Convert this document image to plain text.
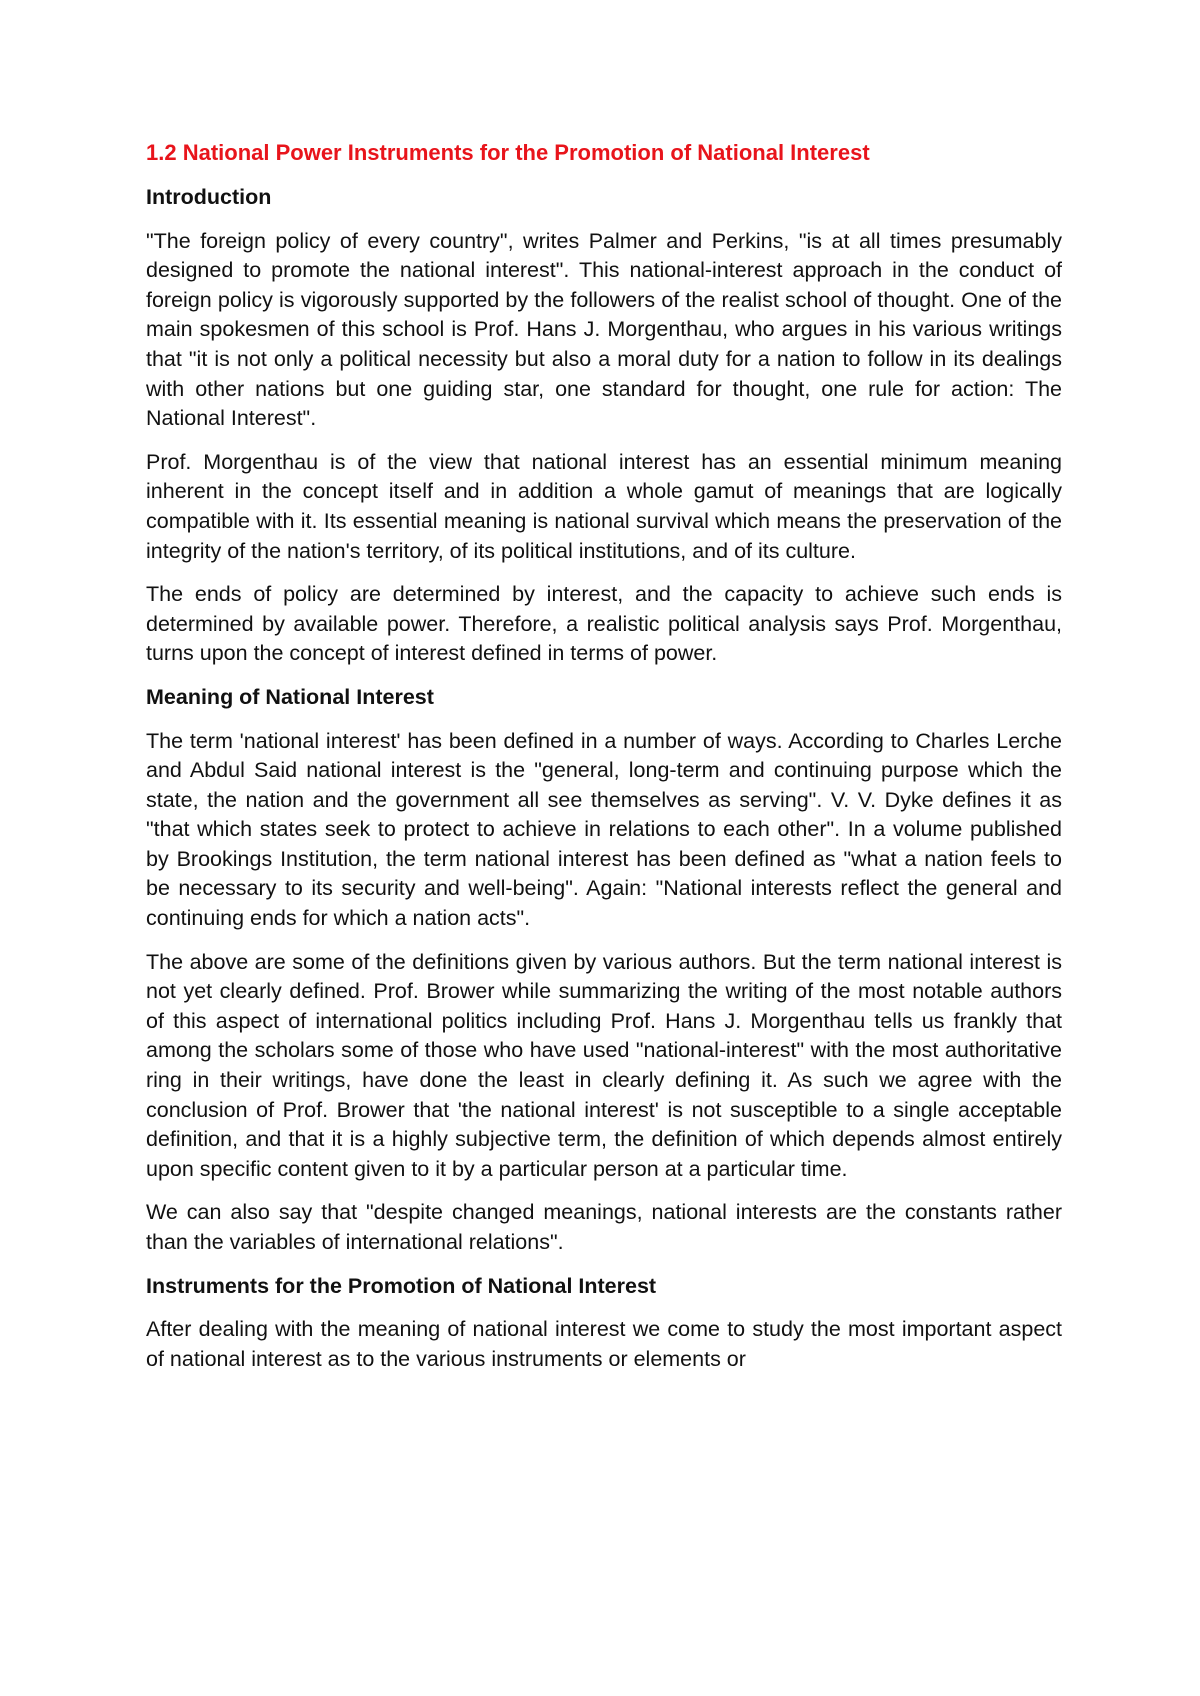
1.2 National Power Instruments for the Promotion of National Interest
Introduction

"The foreign policy of every country", writes Palmer and Perkins, "is at all times presumably designed to promote the national interest". This national-interest approach in the conduct of foreign policy is vigorously supported by the followers of the realist school of thought. One of the main spokesmen of this school is Prof. Hans J. Morgenthau, who argues in his various writings that "it is not only a political necessity but also a moral duty for a nation to follow in its dealings with other nations but one guiding star, one standard for thought, one rule for action: The National Interest".

Prof. Morgenthau is of the view that national interest has an essential minimum meaning inherent in the concept itself and in addition a whole gamut of meanings that are logically compatible with it. Its essential meaning is national survival which means the preservation of the integrity of the nation's territory, of its political institutions, and of its culture.

The ends of policy are determined by interest, and the capacity to achieve such ends is determined by available power. Therefore, a realistic political analysis says Prof. Morgenthau, turns upon the concept of interest defined in terms of power.

Meaning of National Interest

The term 'national interest' has been defined in a number of ways. According to Charles Lerche and Abdul Said national interest is the "general, long-term and continuing purpose which the state, the nation and the government all see themselves as serving". V. V. Dyke defines it as "that which states seek to protect to achieve in relations to each other". In a volume published by Brookings Institution, the term national interest has been defined as "what a nation feels to be necessary to its security and well-being". Again: "National interests reflect the general and continuing ends for which a nation acts".

The above are some of the definitions given by various authors. But the term national interest is not yet clearly defined. Prof. Brower while summarizing the writing of the most notable authors of this aspect of international politics including Prof. Hans J. Morgenthau tells us frankly that among the scholars some of those who have used "national-interest" with the most authoritative ring in their writings, have done the least in clearly defining it. As such we agree with the conclusion of Prof. Brower that 'the national interest' is not susceptible to a single acceptable definition, and that it is a highly subjective term, the definition of which depends almost entirely upon specific content given to it by a particular person at a particular time.

We can also say that "despite changed meanings, national interests are the constants rather than the variables of international relations".

Instruments for the Promotion of National Interest

After dealing with the meaning of national interest we come to study the most important aspect of national interest as to the various instruments or elements or
